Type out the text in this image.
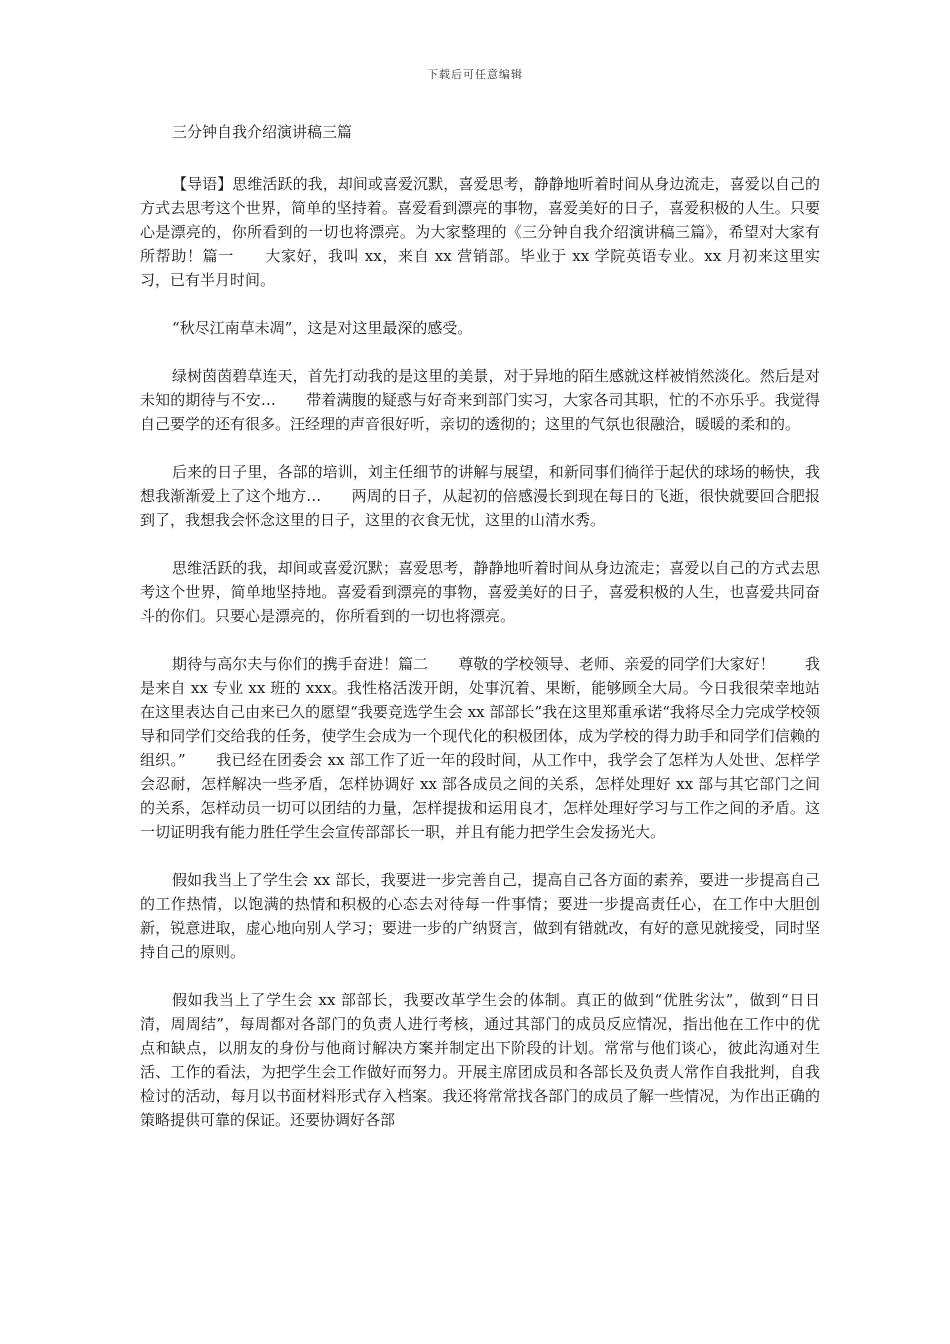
下载后可任意编辑
三分钟自我介绍演讲稿三篇

【导语】思维活跃的我，却间或喜爱沉默，喜爱思考，静静地听着时间从身边流走，喜爱以自己的方式去思考这个世界，简单的坚持着。喜爱看到漂亮的事物，喜爱美好的日子，喜爱积极的人生。只要心是漂亮的，你所看到的一切也将漂亮。为大家整理的《三分钟自我介绍演讲稿三篇》，希望对大家有所帮助！篇一　　大家好，我叫 xx，来自 xx 营销部。毕业于 xx 学院英语专业。xx 月初来这里实习，已有半月时间。

“秋尽江南草未凋”，这是对这里最深的感受。

绿树茵茵碧草连天，首先打动我的是这里的美景，对于异地的陌生感就这样被悄然淡化。然后是对未知的期待与不安…　　带着满腹的疑惑与好奇来到部门实习，大家各司其职，忙的不亦乐乎。我觉得自己要学的还有很多。汪经理的声音很好听，亲切的透彻的；这里的气氛也很融洽，暖暖的柔和的。

后来的日子里，各部的培训，刘主任细节的讲解与展望，和新同事们徜徉于起伏的球场的畅快，我想我渐渐爱上了这个地方…　　两周的日子，从起初的倍感漫长到现在每日的飞逝，很快就要回合肥报到了，我想我会怀念这里的日子，这里的衣食无忧，这里的山清水秀。

思维活跃的我，却间或喜爱沉默；喜爱思考，静静地听着时间从身边流走；喜爱以自己的方式去思考这个世界，简单地坚持地。喜爱看到漂亮的事物，喜爱美好的日子，喜爱积极的人生，也喜爱共同奋斗的你们。只要心是漂亮的，你所看到的一切也将漂亮。

期待与高尔夫与你们的携手奋进！篇二　　尊敬的学校领导、老师、亲爱的同学们大家好！　　我是来自 xx 专业 xx 班的 xxx。我性格活泼开朗，处事沉着、果断，能够顾全大局。今日我很荣幸地站在这里表达自己由来已久的愿望“我要竞选学生会 xx 部部长”我在这里郑重承诺“我将尽全力完成学校领导和同学们交给我的任务，使学生会成为一个现代化的积极团体，成为学校的得力助手和同学们信赖的组织。”　　我已经在团委会 xx 部工作了近一年的段时间，从工作中，我学会了怎样为人处世、怎样学会忍耐，怎样解决一些矛盾，怎样协调好 xx 部各成员之间的关系，怎样处理好 xx 部与其它部门之间的关系，怎样动员一切可以团结的力量，怎样提拔和运用良才，怎样处理好学习与工作之间的矛盾。这一切证明我有能力胜任学生会宣传部部长一职，并且有能力把学生会发扬光大。

假如我当上了学生会 xx 部长，我要进一步完善自己，提高自己各方面的素养，要进一步提高自己的工作热情，以饱满的热情和积极的心态去对待每一件事情；要进一步提高责任心，在工作中大胆创新，锐意进取，虚心地向别人学习；要进一步的广纳贤言，做到有错就改，有好的意见就接受，同时坚持自己的原则。

假如我当上了学生会 xx 部部长，我要改革学生会的体制。真正的做到“优胜劣汰”，做到“日日清，周周结”，每周都对各部门的负责人进行考核，通过其部门的成员反应情况，指出他在工作中的优点和缺点，以朋友的身份与他商讨解决方案并制定出下阶段的计划。常常与他们谈心，彼此沟通对生活、工作的看法，为把学生会工作做好而努力。开展主席团成员和各部长及负责人常作自我批判，自我检讨的活动，每月以书面材料形式存入档案。我还将常常找各部门的成员了解一些情况，为作出正确的策略提供可靠的保证。还要协调好各部
